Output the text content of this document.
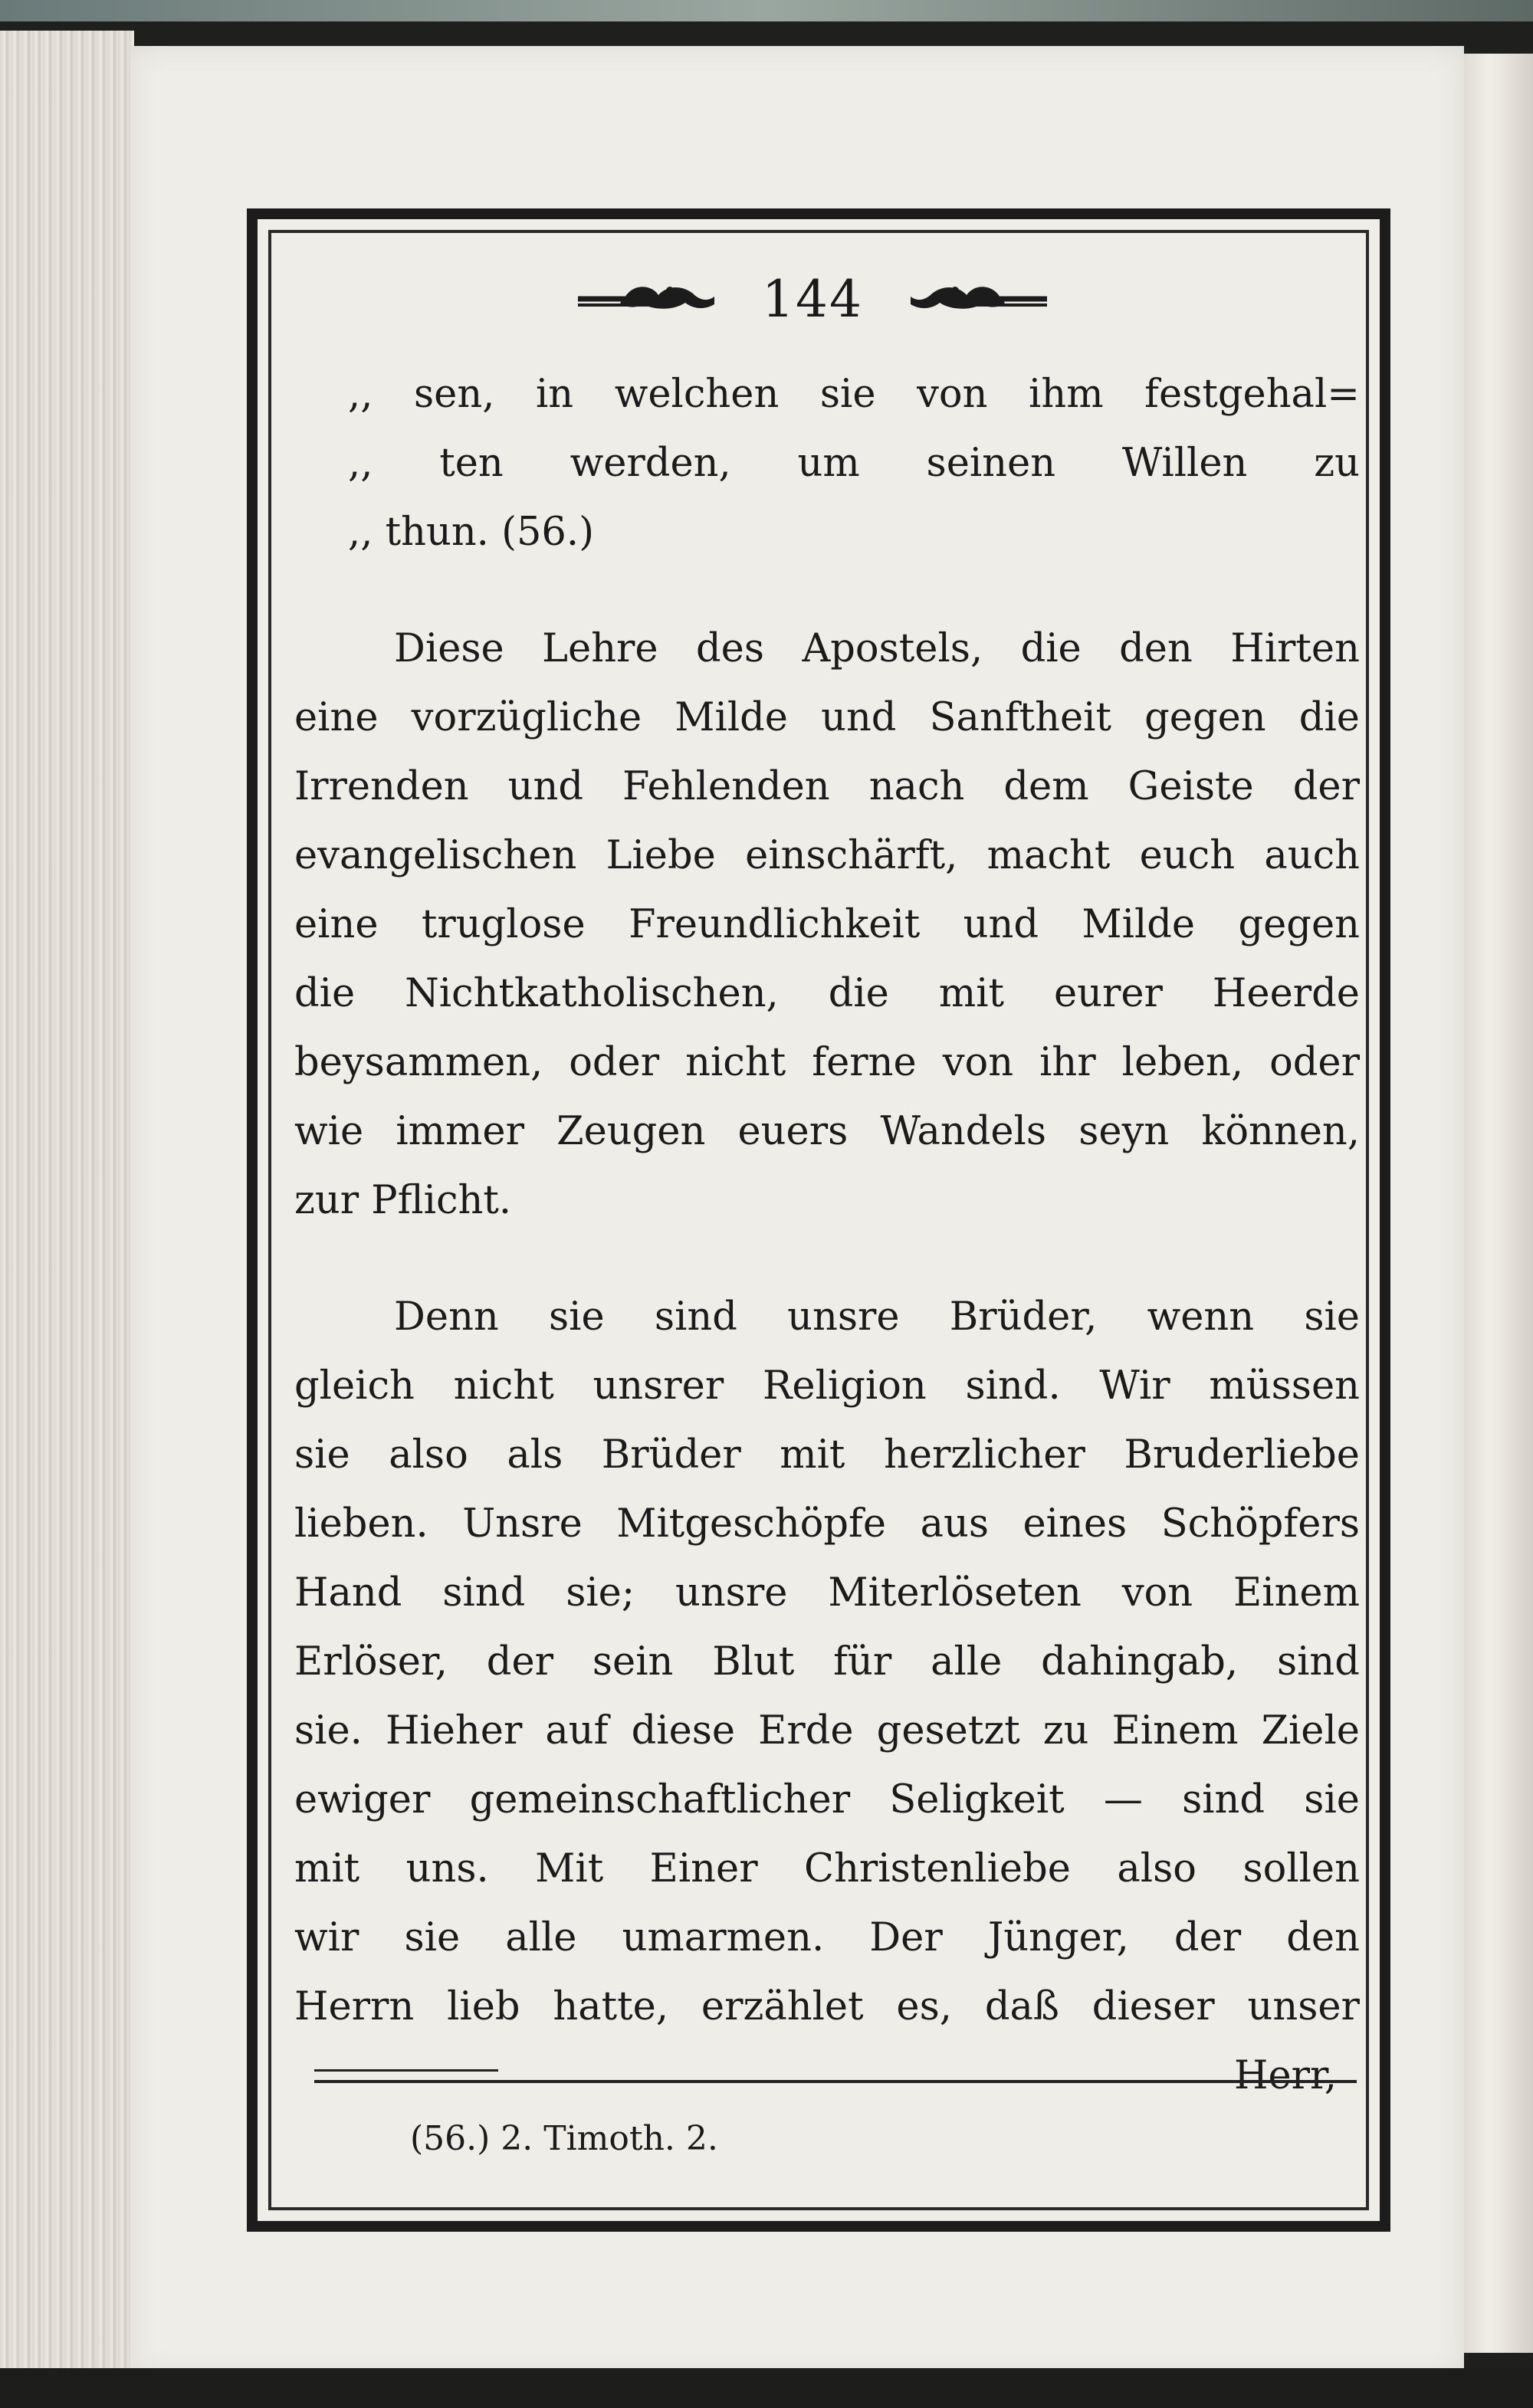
144
,, sen, in welchen sie von ihm festgehal=
,, ten werden, um seinen Willen zu
,, thun. (56.)
Diese Lehre des Apostels, die den Hirten
eine vorzügliche Milde und Sanftheit gegen die
Irrenden und Fehlenden nach dem Geiste der
evangelischen Liebe einschärft, macht euch auch
eine truglose Freundlichkeit und Milde gegen
die Nichtkatholischen, die mit eurer Heerde
beysammen, oder nicht ferne von ihr leben, oder
wie immer Zeugen euers Wandels seyn können,
zur Pflicht.
Denn sie sind unsre Brüder, wenn sie
gleich nicht unsrer Religion sind. Wir müssen
sie also als Brüder mit herzlicher Bruderliebe
lieben. Unsre Mitgeschöpfe aus eines Schöpfers
Hand sind sie; unsre Miterlöseten von Einem
Erlöser, der sein Blut für alle dahingab, sind
sie. Hieher auf diese Erde gesetzt zu Einem Ziele
ewiger gemeinschaftlicher Seligkeit — sind sie
mit uns. Mit Einer Christenliebe also sollen
wir sie alle umarmen. Der Jünger, der den
Herrn lieb hatte, erzählet es, daß dieser unser
Herr,
(56.) 2. Timoth. 2.
